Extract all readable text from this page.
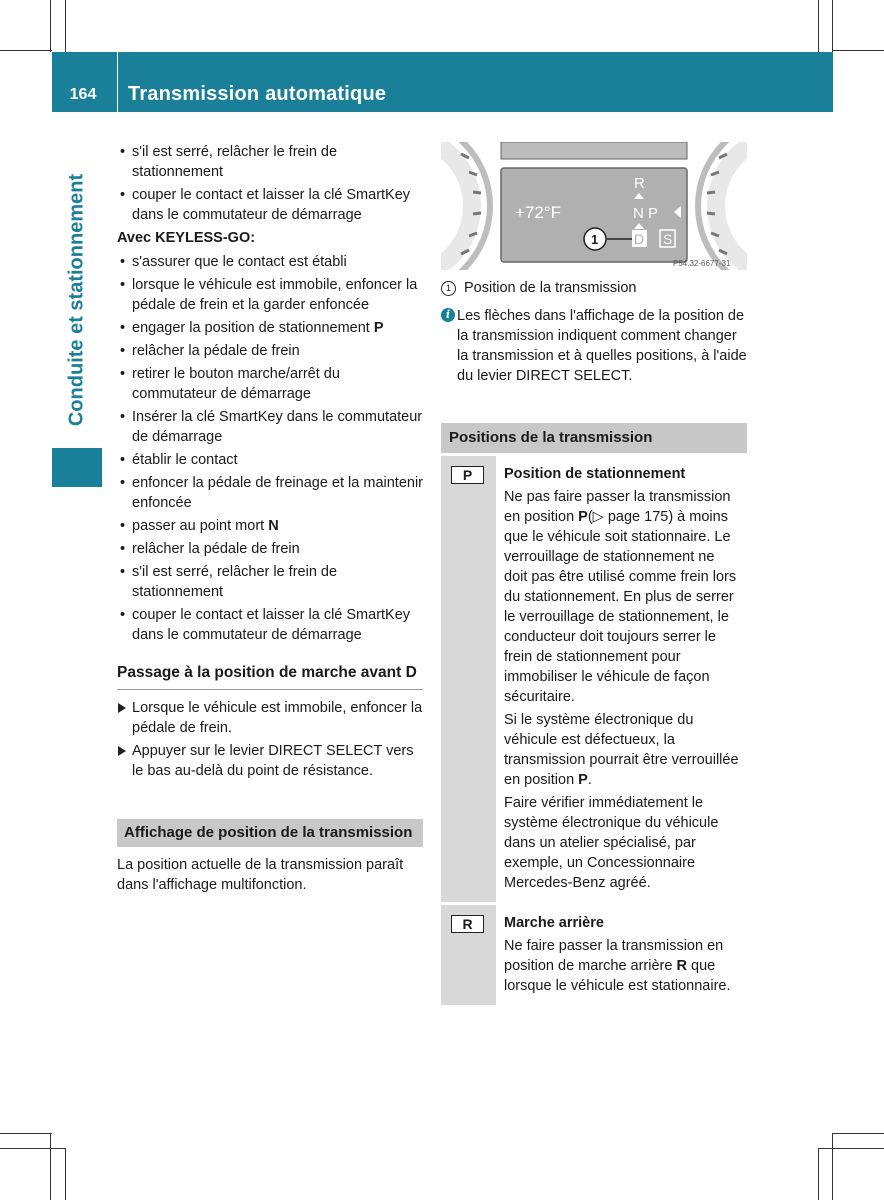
164	Transmission automatique
Conduite et stationnement
• s'il est serré, relâcher le frein de stationnement
• couper le contact et laisser la clé SmartKey dans le commutateur de démarrage
Avec KEYLESS-GO:
• s'assurer que le contact est établi
• lorsque le véhicule est immobile, enfoncer la pédale de frein et la garder enfoncée
• engager la position de stationnement P
• relâcher la pédale de frein
• retirer le bouton marche/arrêt du commutateur de démarrage
• Insérer la clé SmartKey dans le commutateur de démarrage
• établir le contact
• enfoncer la pédale de freinage et la maintenir enfoncée
• passer au point mort N
• relâcher la pédale de frein
• s'il est serré, relâcher le frein de stationnement
• couper le contact et laisser la clé SmartKey dans le commutateur de démarrage
Passage à la position de marche avant D
Lorsque le véhicule est immobile, enfoncer la pédale de frein.
Appuyer sur le levier DIRECT SELECT vers le bas au-delà du point de résistance.
Affichage de position de la transmission
La position actuelle de la transmission paraît dans l'affichage multifonction.
+72°F
R
N P
D S
1
P54.32-6677-31
1 Position de la transmission
i Les flèches dans l'affichage de la position de la transmission indiquent comment changer la transmission et à quelles positions, à l'aide du levier DIRECT SELECT.
Positions de la transmission
P	Position de stationnement
Ne pas faire passer la transmission en position P(▷ page 175) à moins que le véhicule soit stationnaire. Le verrouillage de stationnement ne doit pas être utilisé comme frein lors du stationnement. En plus de serrer le verrouillage de stationnement, le conducteur doit toujours serrer le frein de stationnement pour immobiliser le véhicule de façon sécuritaire.
Si le système électronique du véhicule est défectueux, la transmission pourrait être verrouillée en position P.
Faire vérifier immédiatement le système électronique du véhicule dans un atelier spécialisé, par exemple, un Concessionnaire Mercedes-Benz agréé.
R	Marche arrière
Ne faire passer la transmission en position de marche arrière R que lorsque le véhicule est stationnaire.
